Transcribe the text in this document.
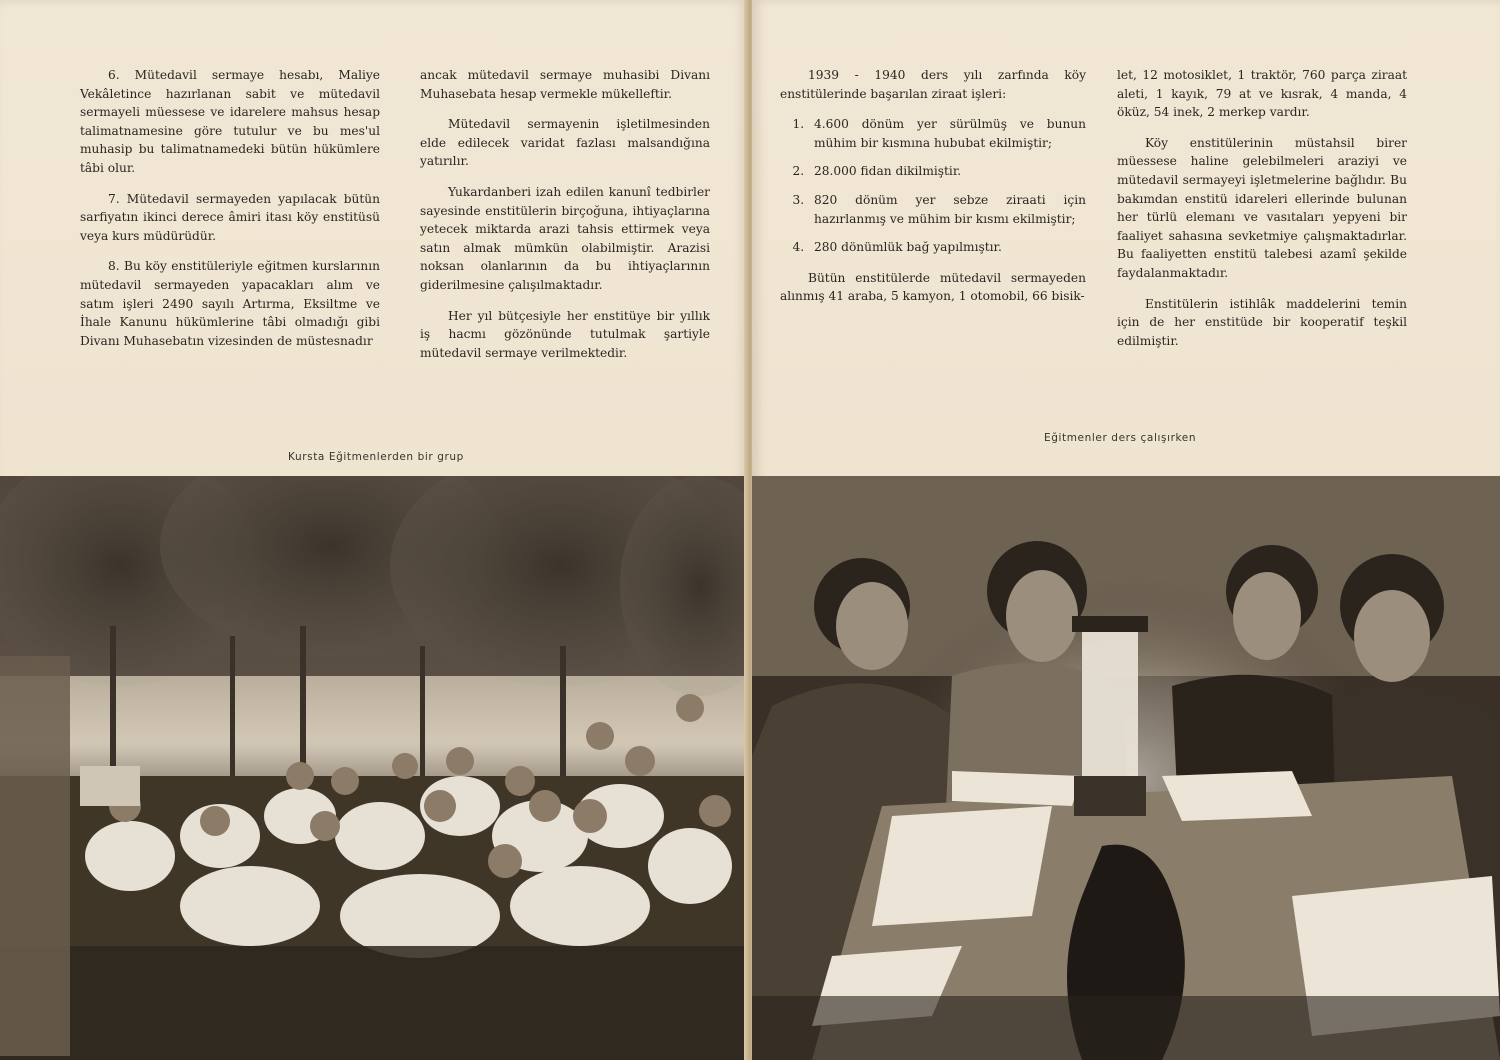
6. Mütedavil sermaye hesabı, Maliye Vekâletince hazırlanan sabit ve mütedavil sermayeli müessese ve idarelere mahsus hesap talimatnamesine göre tutulur ve bu mes'ul muhasip bu talimatnamedeki bütün hükümlere tâbi olur.

7. Mütedavil sermayeden yapılacak bütün sarfiyatın ikinci derece âmiri itası köy enstitüsü veya kurs müdürüdür.

8. Bu köy enstitüleriyle eğitmen kurslarının mütedavil sermayeden yapacakları alım ve satım işleri 2490 sayılı Artırma, Eksiltme ve İhale Kanunu hükümlerine tâbi olmadığı gibi Divanı Muhasebatın vizesinden de müstesnadır

ancak mütedavil sermaye muhasibi Divanı Muhasebata hesap vermekle mükelleftir.

Mütedavil sermayenin işletilmesinden elde edilecek varidat fazlası malsandığına yatırılır.

Yukardanberi izah edilen kanunî tedbirler sayesinde enstitülerin birçoğuna, ihtiyaçlarına yetecek miktarda arazi tahsis ettirmek veya satın almak mümkün olabilmiştir. Arazisi noksan olanlarının da bu ihtiyaçlarının giderilmesine çalışılmaktadır.

Her yıl bütçesiyle her enstitüye bir yıllık iş hacmı gözönünde tutulmak şartiyle mütedavil sermaye verilmektedir.

Kursta Eğitmenlerden bir grup

1939 - 1940 ders yılı zarfında köy enstitülerinde başarılan ziraat işleri:

1. 4.600 dönüm yer sürülmüş ve bunun mühim bir kısmına hububat ekilmiştir;
2. 28.000 fidan dikilmiştir.
3. 820 dönüm yer sebze ziraati için hazırlanmış ve mühim bir kısmı ekilmiştir;
4. 280 dönümlük bağ yapılmıştır.

Bütün enstitülerde mütedavil sermayeden alınmış 41 araba, 5 kamyon, 1 otomobil, 66 bisik-

let, 12 motosiklet, 1 traktör, 760 parça ziraat aleti, 1 kayık, 79 at ve kısrak, 4 manda, 4 öküz, 54 inek, 2 merkep vardır.

Köy enstitülerinin müstahsil birer müessese haline gelebilmeleri araziyi ve mütedavil sermayeyi işletmelerine bağlıdır. Bu bakımdan enstitü idareleri ellerinde bulunan her türlü elemanı ve vasıtaları yepyeni bir faaliyet sahasına sevketmiye çalışmaktadırlar. Bu faaliyetten enstitü talebesi azamî şekilde faydalanmaktadır.

Enstitülerin istihlâk maddelerini temin için de her enstitüde bir kooperatif teşkil edilmiştir.

Eğitmenler ders çalışırken
